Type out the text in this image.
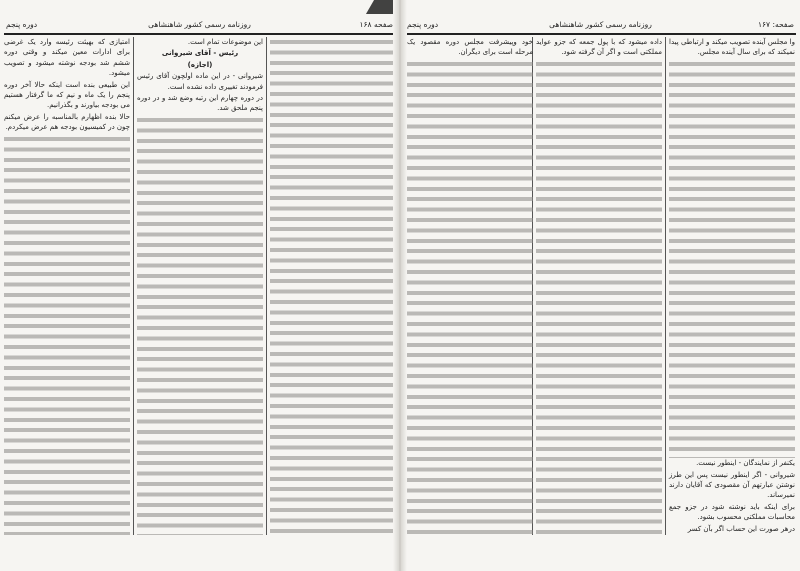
صفحه ۱۶۸
روزنامه رسمی کشور شاهنشاهی
دوره پنجم

این موضوعات تمام است.

رئیس - آقای شیروانی

(اجازه)

شیروانی - در این ماده اولچون آقای رئیس فرمودند تغییری داده نشده است.

در دوره چهارم این رتبه وضع شد و در دوره پنجم ملحق شد.

امتیازی که بهیئت رئیسه وارد یک غرضی برای ادارات معین میکند و وقتی دوره ششم شد بودجه نوشته میشود و تصویب میشود.

این طبیعی بنده است اینکه حالا آخر دوره پنجم را یک ماه و نیم که ما گرفتار هستیم می بودجه بیاورند و بگذرانیم.

حالا بنده اظهارم بالمناسبه را عرض میکنم چون در کمیسیون بودجه هم عرض میکردم.

صفحه: ۱۶۷
روزنامه رسمی کشور شاهنشاهی
دوره پنجم

وا مجلس آینده تصویب میکند و ارتباطی پیدا نمیکند که برای سال آینده مجلس.

یکنفر از نمایندگان - اینطور نیست.

شیروانی - اگر اینطور نیست پس این طرز نوشتن عبارتهم آن مقصودی که آقایان دارند نمیرساند.

برای اینکه باید نوشته شود در جزو جمع محاسبات مملکتی محسوب بشود.

درهر صورت این حساب اگر بآن کسر

داده میشود که با پول جمعه که جزو عواید مملکتی است و اگر آن گرفته شود.

خود وپیشرفت مجلس دوره مقصود یک مرحله است برای دیگران.
